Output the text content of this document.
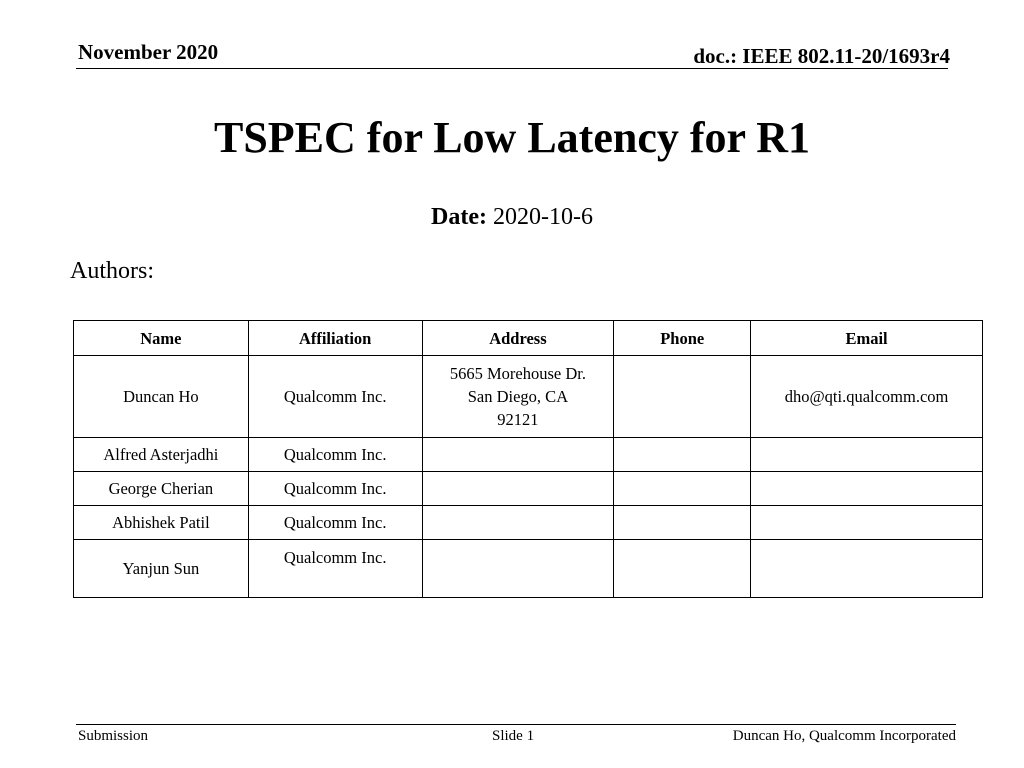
November 2020	doc.: IEEE 802.11-20/1693r4
TSPEC for Low Latency for R1
Date: 2020-10-6
Authors:
Name	Affiliation	Address	Phone	Email
Duncan Ho	Qualcomm Inc.	5665 Morehouse Dr.
San Diego, CA
92121		dho@qti.qualcomm.com
Alfred Asterjadhi	Qualcomm Inc.			
George Cherian	Qualcomm Inc.			
Abhishek Patil	Qualcomm Inc.			
Yanjun Sun	Qualcomm Inc.			
Submission	Slide 1	Duncan Ho, Qualcomm Incorporated
